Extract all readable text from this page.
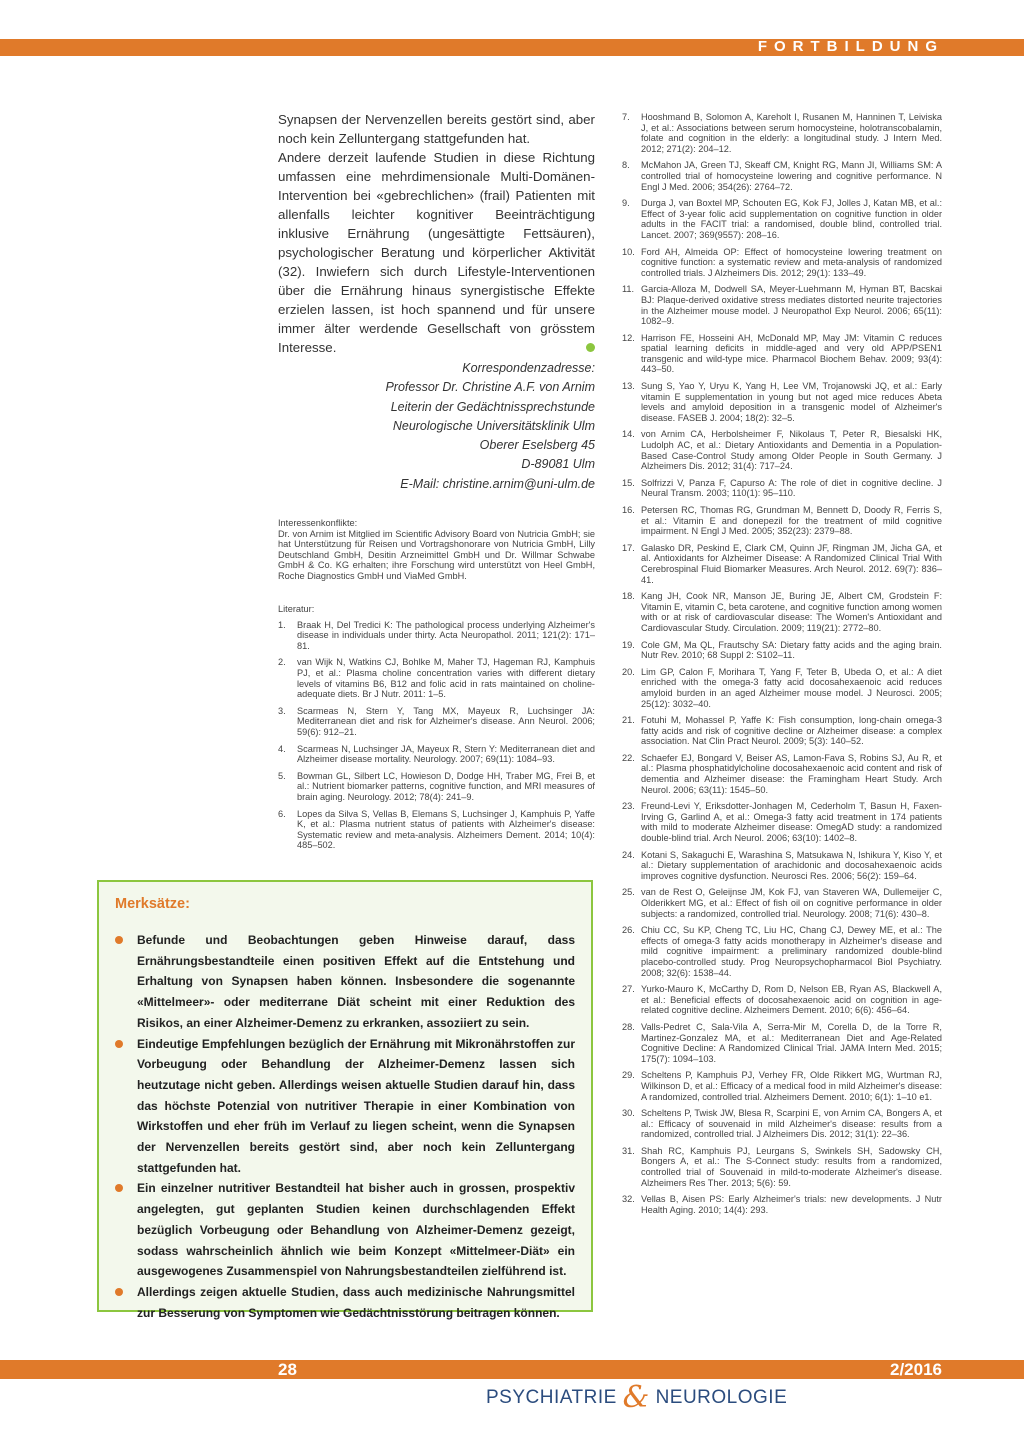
FORTBILDUNG

Synapsen der Nervenzellen bereits gestört sind, aber noch kein Zelluntergang stattgefunden hat.

Andere derzeit laufende Studien in diese Richtung umfassen eine mehrdimensionale Multi-Domänen-Intervention bei «gebrechlichen» (frail) Patienten mit allenfalls leichter kognitiver Beeinträchtigung inklusive Ernährung (ungesättigte Fettsäuren), psychologischer Beratung und körperlicher Aktivität (32). Inwiefern sich durch Lifestyle-Interventionen über die Ernährung hinaus synergistische Effekte erzielen lassen, ist hoch spannend und für unsere immer älter werdende Gesellschaft von grösstem Interesse.

Korrespondenzadresse:
Professor Dr. Christine A.F. von Arnim
Leiterin der Gedächtnissprechstunde
Neurologische Universitätsklinik Ulm
Oberer Eselsberg 45
D-89081 Ulm
E-Mail: christine.arnim@uni-ulm.de
Interessenkonflikte:
Dr. von Arnim ist Mitglied im Scientific Advisory Board von Nutricia GmbH; sie hat Unterstützung für Reisen und Vortragshonorare von Nutricia GmbH, Lilly Deutschland GmbH, Desitin Arzneimittel GmbH und Dr. Willmar Schwabe GmbH & Co. KG erhalten; ihre Forschung wird unterstützt von Heel GmbH, Roche Diagnostics GmbH und ViaMed GmbH.
Literatur:
1.	Braak H, Del Tredici K: The pathological process underlying Alzheimer's disease in individuals under thirty. Acta Neuropathol. 2011; 121(2): 171–81.
2.	van Wijk N, Watkins CJ, Bohlke M, Maher TJ, Hageman RJ, Kamphuis PJ, et al.: Plasma choline concentration varies with different dietary levels of vitamins B6, B12 and folic acid in rats maintained on choline-adequate diets. Br J Nutr. 2011: 1–5.
3.	Scarmeas N, Stern Y, Tang MX, Mayeux R, Luchsinger JA: Mediterranean diet and risk for Alzheimer's disease. Ann Neurol. 2006; 59(6): 912–21.
4.	Scarmeas N, Luchsinger JA, Mayeux R, Stern Y: Mediterranean diet and Alzheimer disease mortality. Neurology. 2007; 69(11): 1084–93.
5.	Bowman GL, Silbert LC, Howieson D, Dodge HH, Traber MG, Frei B, et al.: Nutrient biomarker patterns, cognitive function, and MRI measures of brain aging. Neurology. 2012; 78(4): 241–9.
6.	Lopes da Silva S, Vellas B, Elemans S, Luchsinger J, Kamphuis P, Yaffe K, et al.: Plasma nutrient status of patients with Alzheimer's disease: Systematic review and meta-analysis. Alzheimers Dement. 2014; 10(4): 485–502.
7.	Hooshmand B, Solomon A, Kareholt I, Rusanen M, Hanninen T, Leiviska J, et al.: Associations between serum homocysteine, holotranscobalamin, folate and cognition in the elderly: a longitudinal study. J Intern Med. 2012; 271(2): 204–12.
8.	McMahon JA, Green TJ, Skeaff CM, Knight RG, Mann JI, Williams SM: A controlled trial of homocysteine lowering and cognitive performance. N Engl J Med. 2006; 354(26): 2764–72.
9.	Durga J, van Boxtel MP, Schouten EG, Kok FJ, Jolles J, Katan MB, et al.: Effect of 3-year folic acid supplementation on cognitive function in older adults in the FACIT trial: a randomised, double blind, controlled trial. Lancet. 2007; 369(9557): 208–16.
10. Ford AH, Almeida OP: Effect of homocysteine lowering treatment on cognitive function: a systematic review and meta-analysis of randomized controlled trials. J Alzheimers Dis. 2012; 29(1): 133–49.
11. Garcia-Alloza M, Dodwell SA, Meyer-Luehmann M, Hyman BT, Bacskai BJ: Plaque-derived oxidative stress mediates distorted neurite trajectories in the Alzheimer mouse model. J Neuropathol Exp Neurol. 2006; 65(11): 1082–9.
12. Harrison FE, Hosseini AH, McDonald MP, May JM: Vitamin C reduces spatial learning deficits in middle-aged and very old APP/PSEN1 transgenic and wild-type mice. Pharmacol Biochem Behav. 2009; 93(4): 443–50.
13. Sung S, Yao Y, Uryu K, Yang H, Lee VM, Trojanowski JQ, et al.: Early vitamin E supplementation in young but not aged mice reduces Abeta levels and amyloid deposition in a transgenic model of Alzheimer's disease. FASEB J. 2004; 18(2): 32–5.
14. von Arnim CA, Herbolsheimer F, Nikolaus T, Peter R, Biesalski HK, Ludolph AC, et al.: Dietary Antioxidants and Dementia in a Population-Based Case-Control Study among Older People in South Germany. J Alzheimers Dis. 2012; 31(4): 717–24.
15. Solfrizzi V, Panza F, Capurso A: The role of diet in cognitive decline. J Neural Transm. 2003; 110(1): 95–110.
16. Petersen RC, Thomas RG, Grundman M, Bennett D, Doody R, Ferris S, et al.: Vitamin E and donepezil for the treatment of mild cognitive impairment. N Engl J Med. 2005; 352(23): 2379–88.
17. Galasko DR, Peskind E, Clark CM, Quinn JF, Ringman JM, Jicha GA, et al. Antioxidants for Alzheimer Disease: A Randomized Clinical Trial With Cerebrospinal Fluid Biomarker Measures. Arch Neurol. 2012. 69(7): 836–41.
18. Kang JH, Cook NR, Manson JE, Buring JE, Albert CM, Grodstein F: Vitamin E, vitamin C, beta carotene, and cognitive function among women with or at risk of cardiovascular disease: The Women's Antioxidant and Cardiovascular Study. Circulation. 2009; 119(21): 2772–80.
19. Cole GM, Ma QL, Frautschy SA: Dietary fatty acids and the aging brain. Nutr Rev. 2010; 68 Suppl 2: S102–11.
20. Lim GP, Calon F, Morihara T, Yang F, Teter B, Ubeda O, et al.: A diet enriched with the omega-3 fatty acid docosahexaenoic acid reduces amyloid burden in an aged Alzheimer mouse model. J Neurosci. 2005; 25(12): 3032–40.
21. Fotuhi M, Mohassel P, Yaffe K: Fish consumption, long-chain omega-3 fatty acids and risk of cognitive decline or Alzheimer disease: a complex association. Nat Clin Pract Neurol. 2009; 5(3): 140–52.
22. Schaefer EJ, Bongard V, Beiser AS, Lamon-Fava S, Robins SJ, Au R, et al.: Plasma phosphatidylcholine docosahexaenoic acid content and risk of dementia and Alzheimer disease: the Framingham Heart Study. Arch Neurol. 2006; 63(11): 1545–50.
23. Freund-Levi Y, Eriksdotter-Jonhagen M, Cederholm T, Basun H, Faxen-Irving G, Garlind A, et al.: Omega-3 fatty acid treatment in 174 patients with mild to moderate Alzheimer disease: OmegAD study: a randomized double-blind trial. Arch Neurol. 2006; 63(10): 1402–8.
24. Kotani S, Sakaguchi E, Warashina S, Matsukawa N, Ishikura Y, Kiso Y, et al.: Dietary supplementation of arachidonic and docosahexaenoic acids improves cognitive dysfunction. Neurosci Res. 2006; 56(2): 159–64.
25. van de Rest O, Geleijnse JM, Kok FJ, van Staveren WA, Dullemeijer C, Olderikkert MG, et al.: Effect of fish oil on cognitive performance in older subjects: a randomized, controlled trial. Neurology. 2008; 71(6): 430–8.
26. Chiu CC, Su KP, Cheng TC, Liu HC, Chang CJ, Dewey ME, et al.: The effects of omega-3 fatty acids monotherapy in Alzheimer's disease and mild cognitive impairment: a preliminary randomized double-blind placebo-controlled study. Prog Neuropsychopharmacol Biol Psychiatry. 2008; 32(6): 1538–44.
27. Yurko-Mauro K, McCarthy D, Rom D, Nelson EB, Ryan AS, Blackwell A, et al.: Beneficial effects of docosahexaenoic acid on cognition in age-related cognitive decline. Alzheimers Dement. 2010; 6(6): 456–64.
28. Valls-Pedret C, Sala-Vila A, Serra-Mir M, Corella D, de la Torre R, Martinez-Gonzalez MA, et al.: Mediterranean Diet and Age-Related Cognitive Decline: A Randomized Clinical Trial. JAMA Intern Med. 2015; 175(7): 1094–103.
29. Scheltens P, Kamphuis PJ, Verhey FR, Olde Rikkert MG, Wurtman RJ, Wilkinson D, et al.: Efficacy of a medical food in mild Alzheimer's disease: A randomized, controlled trial. Alzheimers Dement. 2010; 6(1): 1–10 e1.
30. Scheltens P, Twisk JW, Blesa R, Scarpini E, von Arnim CA, Bongers A, et al.: Efficacy of souvenaid in mild Alzheimer's disease: results from a randomized, controlled trial. J Alzheimers Dis. 2012; 31(1): 22–36.
31. Shah RC, Kamphuis PJ, Leurgans S, Swinkels SH, Sadowsky CH, Bongers A, et al.: The S-Connect study: results from a randomized, controlled trial of Souvenaid in mild-to-moderate Alzheimer's disease. Alzheimers Res Ther. 2013; 5(6): 59.
32. Vellas B, Aisen PS: Early Alzheimer's trials: new developments. J Nutr Health Aging. 2010; 14(4): 293.
Merksätze:
Befunde und Beobachtungen geben Hinweise darauf, dass Ernährungsbestandteile einen positiven Effekt auf die Entstehung und Erhaltung von Synapsen haben können. Insbesondere die sogenannte «Mittelmeer»- oder mediterrane Diät scheint mit einer Reduktion des Risikos, an einer Alzheimer-Demenz zu erkranken, assoziiert zu sein.
Eindeutige Empfehlungen bezüglich der Ernährung mit Mikronährstoffen zur Vorbeugung oder Behandlung der Alzheimer-Demenz lassen sich heutzutage nicht geben. Allerdings weisen aktuelle Studien darauf hin, dass das höchste Potenzial von nutritiver Therapie in einer Kombination von Wirkstoffen und eher früh im Verlauf zu liegen scheint, wenn die Synapsen der Nervenzellen bereits gestört sind, aber noch kein Zelluntergang stattgefunden hat.
Ein einzelner nutritiver Bestandteil hat bisher auch in grossen, prospektiv angelegten, gut geplanten Studien keinen durchschlagenden Effekt bezüglich Vorbeugung oder Behandlung von Alzheimer-Demenz gezeigt, sodass wahrscheinlich ähnlich wie beim Konzept «Mittelmeer-Diät» ein ausgewogenes Zusammenspiel von Nahrungsbestandteilen zielführend ist.
Allerdings zeigen aktuelle Studien, dass auch medizinische Nahrungsmittel zur Besserung von Symptomen wie Gedächtnisstörung beitragen können.
28	2/2016
PSYCHIATRIE & NEUROLOGIE
